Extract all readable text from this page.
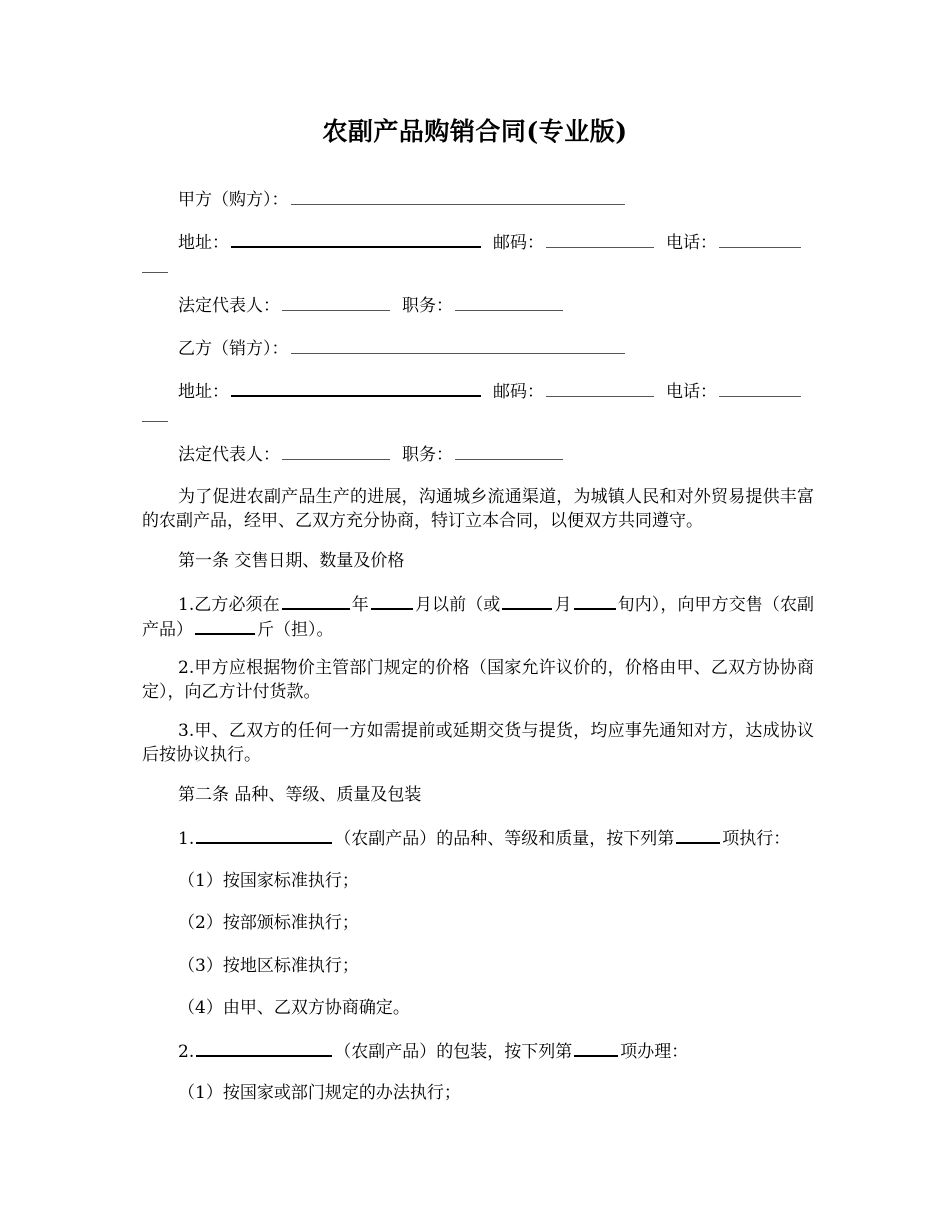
农副产品购销合同(专业版)
甲方（购方）：
地址：	邮码：	电话：
法定代表人：	职务：
乙方（销方）：
地址：	邮码：	电话：
法定代表人：	职务：
为了促进农副产品生产的进展，沟通城乡流通渠道，为城镇人民和对外贸易提供丰富的农副产品，经甲、乙双方充分协商，特订立本合同，以便双方共同遵守。
第一条 交售日期、数量及价格
1.乙方必须在	年	月以前（或	月	旬内），向甲方交售（农副产品）	斤（担）。
2.甲方应根据物价主管部门规定的价格（国家允许议价的，价格由甲、乙双方协协商定），向乙方计付货款。
3.甲、乙双方的任何一方如需提前或延期交货与提货，均应事先通知对方，达成协议后按协议执行。
第二条 品种、等级、质量及包装
1.	（农副产品）的品种、等级和质量，按下列第	项执行：
（1）按国家标准执行；
（2）按部颁标准执行；
（3）按地区标准执行；
（4）由甲、乙双方协商确定。
2.	（农副产品）的包装，按下列第	项办理：
（1）按国家或部门规定的办法执行；
